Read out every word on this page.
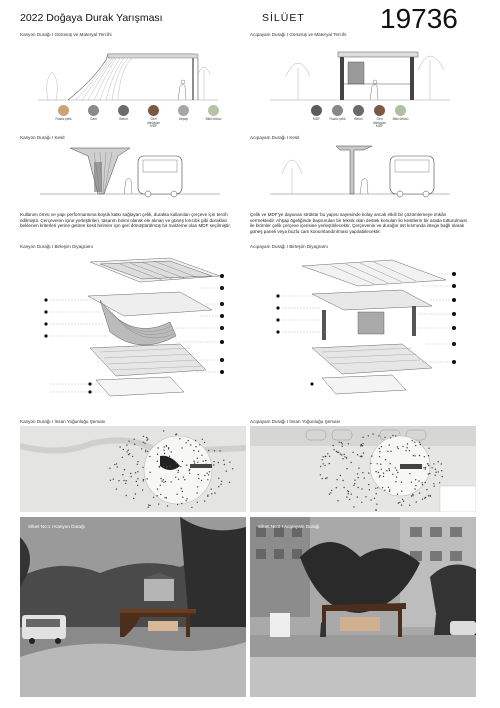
2022 Doğaya Durak Yarışması	SİLÜET	19736
Kanyon Durağı I Görünüş ve Materyal Tercihi	Acıpayam Durağı I Görünüş ve Materyal Tercihi
Rustic çelik	Cam	Beton	Geri dönüşüm MDF
Ahşap	Bitki örtüsü	MDF	Rustic çelik	Beton	Geri dönüşüm MDF
Bitki örtüsü
Kanyon Durağı I Kesit	Acıpayam Durağı I Kesit
Kullanım ömrü ve yapı performansına büyük katkı sağlayan çelik, durakta kullanılan çerçeve için tercih edilmiştir. Çerçevenin içine yerleştirilen, tasarım birimi olarak ele alınan ve güneş kırıcılık gibi durakları beklenen kriterleri yerine getiren kesit birimler için geri dönüştürülmüş bir malzeme olan MDF seçilmiştir.
Çelik ve MDF'ye dayanan strüktür bu yapısı sayesinde kolay ancak etkili bir çözümlemeye imkân vermektedir. Ahşap ögeliğinde başvurulan bir teknik olan destek konuları ile kesitlerin bir arada tutturulması ile birimler çelik çerçeve içerisine yerleştirilecektir. Çerçevenin ve durağın üst kısmında istege bağlı olarak güneş paneli veya buzlu cam konumlandırılması yapılabilecektir.
Kanyon Durağı I Birleşim Diyagramı	Acıpayam Durağı I Birleşim Diyagramı
Kanyon Durağı I İnsan Yoğunluğu Şeması	Acıpayam Durağı I İnsan Yoğunluğu Şeması
Silüet No:1 I Kanyon Durağı	Silüet No:2 I Acıpayam Durağı
